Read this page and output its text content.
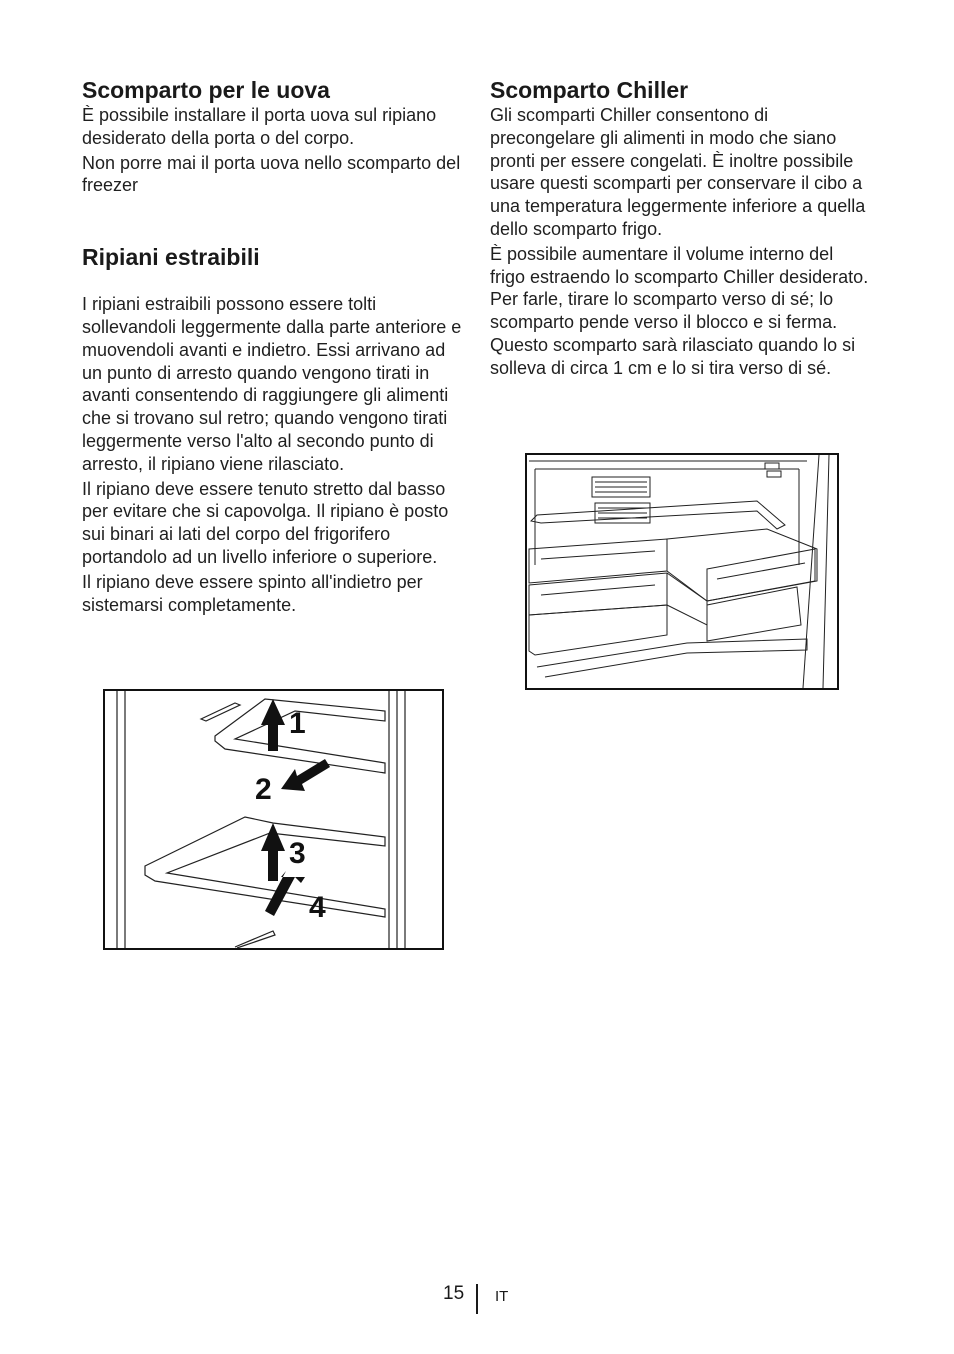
Scomparto per le uova

È possibile installare il porta uova sul ripiano desiderato della porta o del corpo.

Non porre mai il porta uova nello scomparto del freezer

Ripiani estraibili

I ripiani estraibili possono essere tolti sollevandoli leggermente dalla parte anteriore e muovendoli avanti e indietro. Essi arrivano ad un punto di arresto quando vengono tirati in avanti consentendo di raggiungere gli alimenti che si trovano sul retro; quando vengono tirati leggermente verso l'alto al secondo punto di arresto, il ripiano viene rilasciato.

Il ripiano deve essere tenuto stretto dal basso per evitare che si capovolga. Il ripiano è posto sui binari ai lati del corpo del frigorifero portandolo ad un livello inferiore o superiore.

Il ripiano deve essere spinto all'indietro per sistemarsi completamente.

Scomparto Chiller

Gli scomparti Chiller consentono di precongelare gli alimenti in modo che siano pronti per essere congelati. È inoltre possibile usare questi scomparti per conservare il cibo a una temperatura leggermente inferiore a quella dello scomparto frigo.

È possibile aumentare il volume interno del frigo estraendo lo scomparto Chiller desiderato. Per farle, tirare lo scomparto verso di sé; lo scomparto pende verso il blocco e si ferma. Questo scomparto sarà rilasciato quando lo si solleva di circa 1 cm e lo si tira verso di sé.

1
2
3
4
15 IT
